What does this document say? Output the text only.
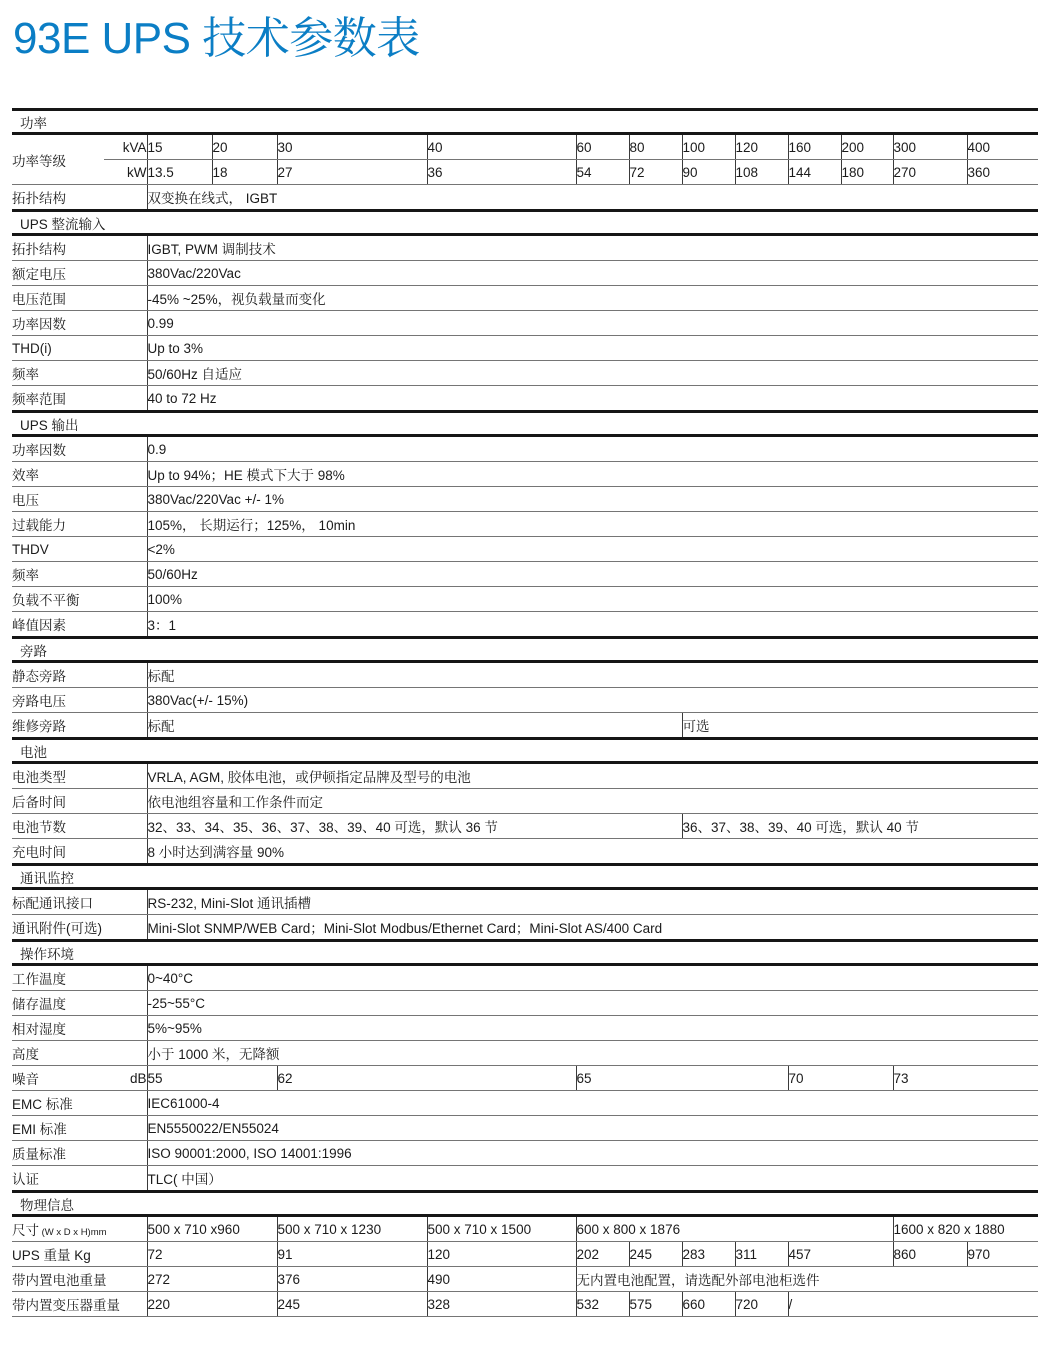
93E UPS 技术参数表
功率													
功率等级	kVA	15	20	30	40	60	80	100	120	160	200	300	400
	kW	13.5	18	27	36	54	72	90	108	144	180	270	360
拓扑结构		双变换在线式， IGBT											
UPS 整流输入													
拓扑结构		IGBT, PWM 调制技术											
额定电压		380Vac/220Vac											
电压范围		-45% ~25%，视负载量而变化											
功率因数		0.99											
THD(i)		Up to 3%											
频率		50/60Hz 自适应											
频率范围		40 to 72 Hz											
UPS 输出													
功率因数		0.9											
效率		Up to 94%；HE 模式下大于 98%											
电压		380Vac/220Vac +/- 1%											
过载能力		105%， 长期运行；125%， 10min											
THDV		<2%											
频率		50/60Hz											
负载不平衡		100%											
峰值因素		3：1											
旁路													
静态旁路		标配											
旁路电压		380Vac(+/- 15%)											
维修旁路		标配						可选					
电池													
电池类型		VRLA, AGM, 胶体电池，或伊顿指定品牌及型号的电池											
后备时间		依电池组容量和工作条件而定											
电池节数		32、33、34、35、36、37、38、39、40 可选，默认 36 节						36、37、38、39、40 可选，默认 40 节					
充电时间		8 小时达到满容量 90%											
通讯监控													
标配通讯接口		RS-232, Mini-Slot 通讯插槽											
通讯附件(可选)		Mini-Slot SNMP/WEB Card；Mini-Slot Modbus/Ethernet Card；Mini-Slot AS/400 Card											
操作环境													
工作温度		0~40°C											
储存温度		-25~55°C											
相对湿度		5%~95%											
高度		小于 1000 米，无降额											
噪音	dB	55		62		65				70		73	
EMC 标准		IEC61000-4											
EMI 标准		EN5550022/EN55024											
质量标准		ISO 90001:2000, ISO 14001:1996											
认证		TLC( 中国）											
物理信息													
尺寸 (W x D x H)mm		500 x 710 x960		500 x 710 x 1230	500 x 710 x 1500	600 x 800 x 1876						1600 x 820 x 1880	
UPS 重量 Kg		72		91	120	202	245	283	311	457		860	970
带内置电池重量		272		376	490	无内置电池配置，请选配外部电池柜选件							
带内置变压器重量		220		245	328	532	575	660	720	/			
